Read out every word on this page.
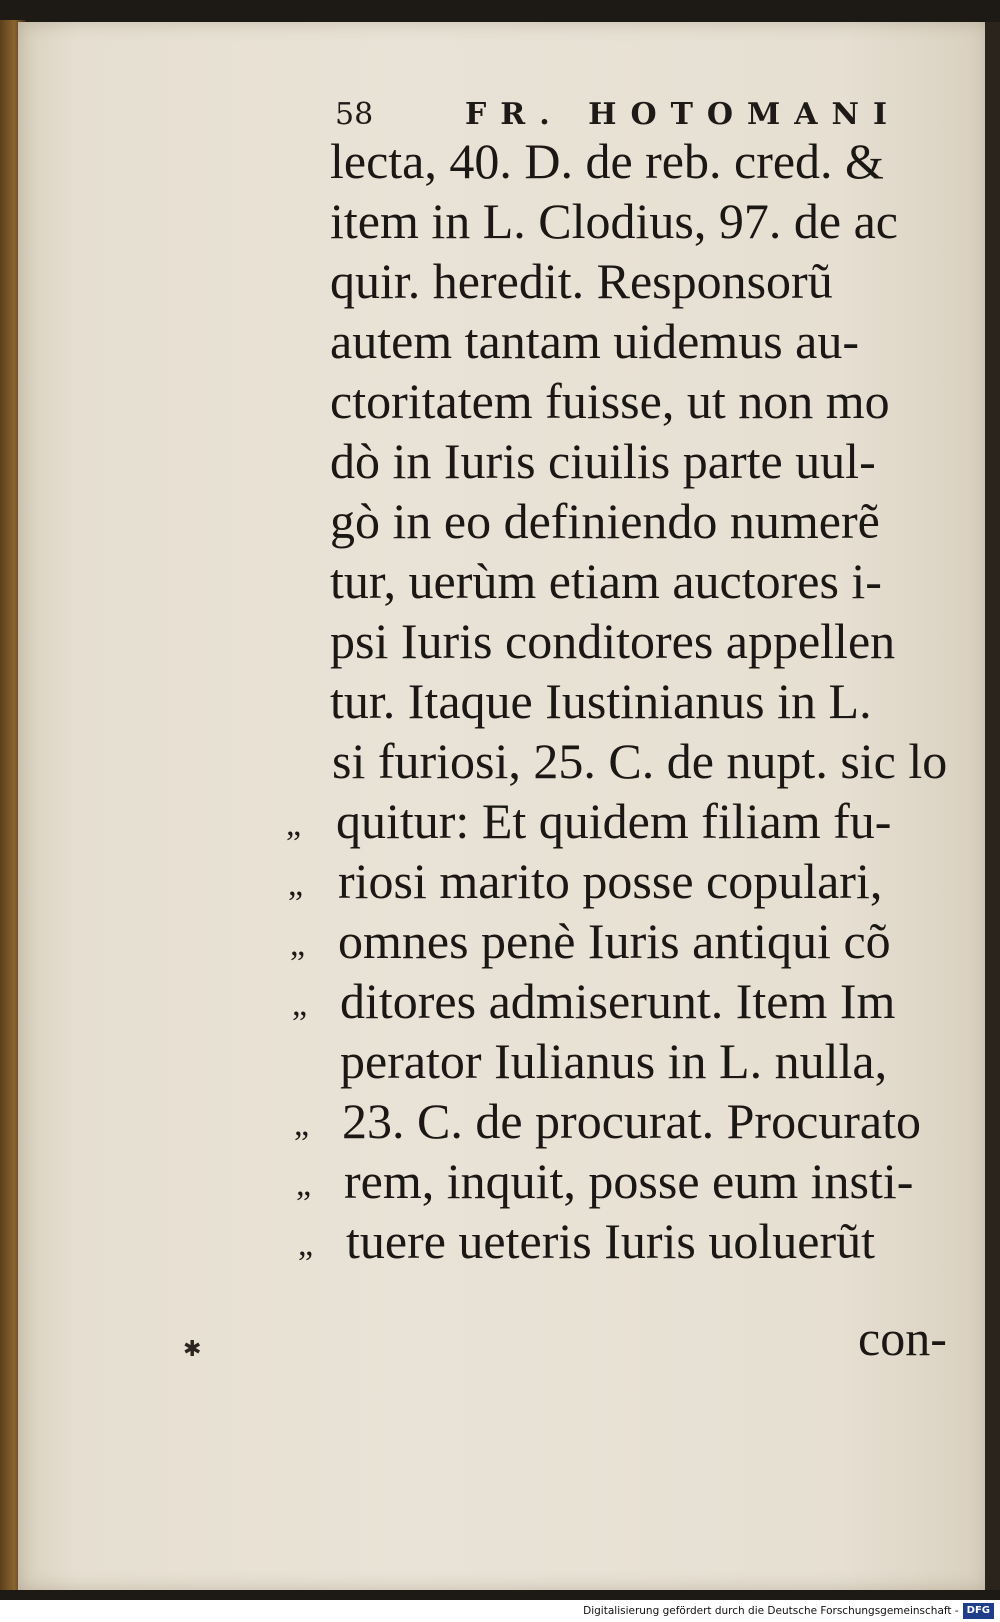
58	FR. HOTOMANI
lecta, 40. D. de reb. cred. &
item in L. Clodius, 97. de ac
quir. heredit. Responsorũ
autem tantam uidemus au-
ctoritatem fuisse, ut non mo
dò in Iuris ciuilis parte uul-
gò in eo definiendo numerẽ
tur, uerùm etiam auctores i-
psi Iuris conditores appellen
tur. Itaque Iustinianus in L.
si furiosi, 25. C. de nupt. sic lo
„ quitur: Et quidem filiam fu-
„ riosi marito posse copulari,
„ omnes penè Iuris antiqui cõ
„ ditores admiserunt. Item Im
perator Iulianus in L. nulla,
„ 23. C. de procurat. Procurato
„ rem, inquit, posse eum insti-
„ tuere ueteris Iuris uoluerũt
con-
✱
Digitalisierung gefördert durch die Deutsche Forschungsgemeinschaft - DFG
